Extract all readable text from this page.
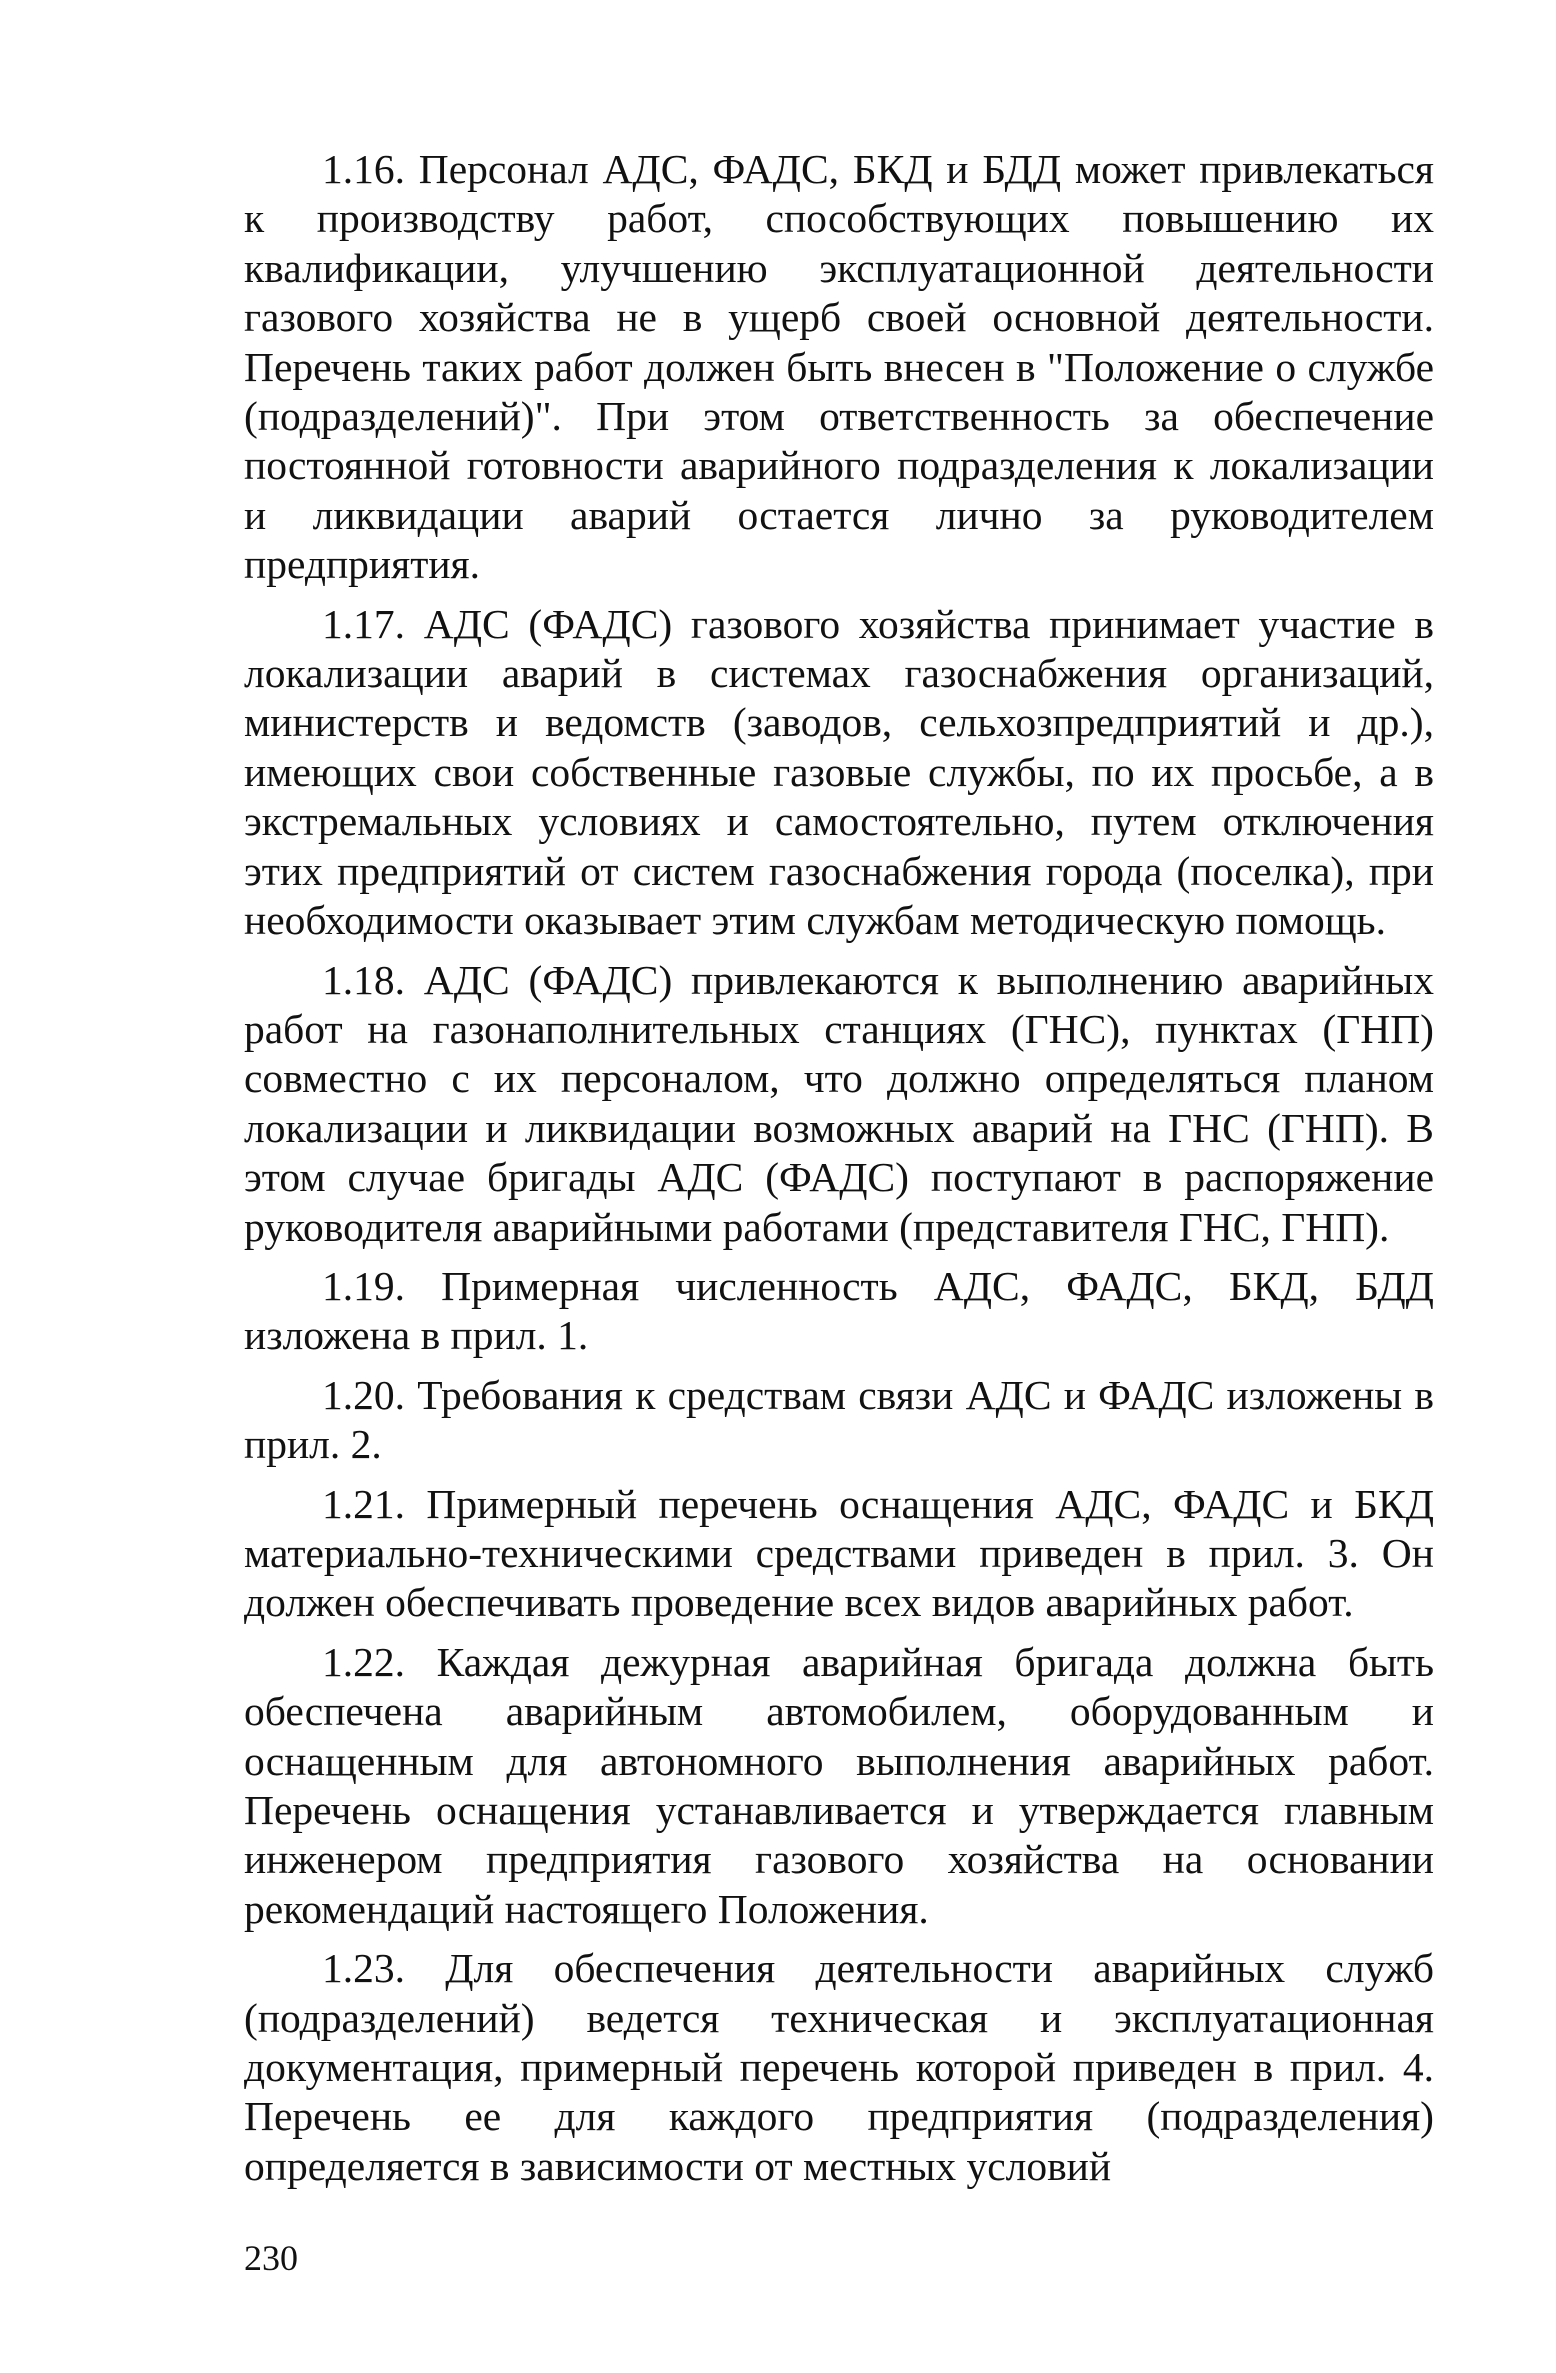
1.16. Персонал АДС, ФАДС, БКД и БДД может привлекаться к производству работ, способствующих повышению их квалификации, улучшению эксплуатационной деятельности газового хозяйства не в ущерб своей основной деятельности. Перечень таких работ должен быть внесен в "Положение о службе (подразделений)". При этом ответственность за обеспечение постоянной готовности аварийного подразделения к локализации и ликвидации аварий остается лично за руководителем предприятия.

1.17. АДС (ФАДС) газового хозяйства принимает участие в локализации аварий в системах газоснабжения организаций, министерств и ведомств (заводов, сельхозпредприятий и др.), имеющих свои собственные газовые службы, по их просьбе, а в экстремальных условиях и самостоятельно, путем отключения этих предприятий от систем газоснабжения города (поселка), при необходимости оказывает этим службам методическую помощь.

1.18. АДС (ФАДС) привлекаются к выполнению аварийных работ на газонаполнительных станциях (ГНС), пунктах (ГНП) совместно с их персоналом, что должно определяться планом локализации и ликвидации возможных аварий на ГНС (ГНП). В этом случае бригады АДС (ФАДС) поступают в распоряжение руководителя аварийными работами (представителя ГНС, ГНП).

1.19. Примерная численность АДС, ФАДС, БКД, БДД изложена в прил. 1.

1.20. Требования к средствам связи АДС и ФАДС изложены в прил. 2.

1.21. Примерный перечень оснащения АДС, ФАДС и БКД материально-техническими средствами приведен в прил. 3. Он должен обеспечивать проведение всех видов аварийных работ.

1.22. Каждая дежурная аварийная бригада должна быть обеспечена аварийным автомобилем, оборудованным и оснащенным для автономного выполнения аварийных работ. Перечень оснащения устанавливается и утверждается главным инженером предприятия газового хозяйства на основании рекомендаций настоящего Положения.

1.23. Для обеспечения деятельности аварийных служб (подразделений) ведется техническая и эксплуатационная документация, примерный перечень которой приведен в прил. 4. Перечень ее для каждого предприятия (подразделения) определяется в зависимости от местных условий

230
